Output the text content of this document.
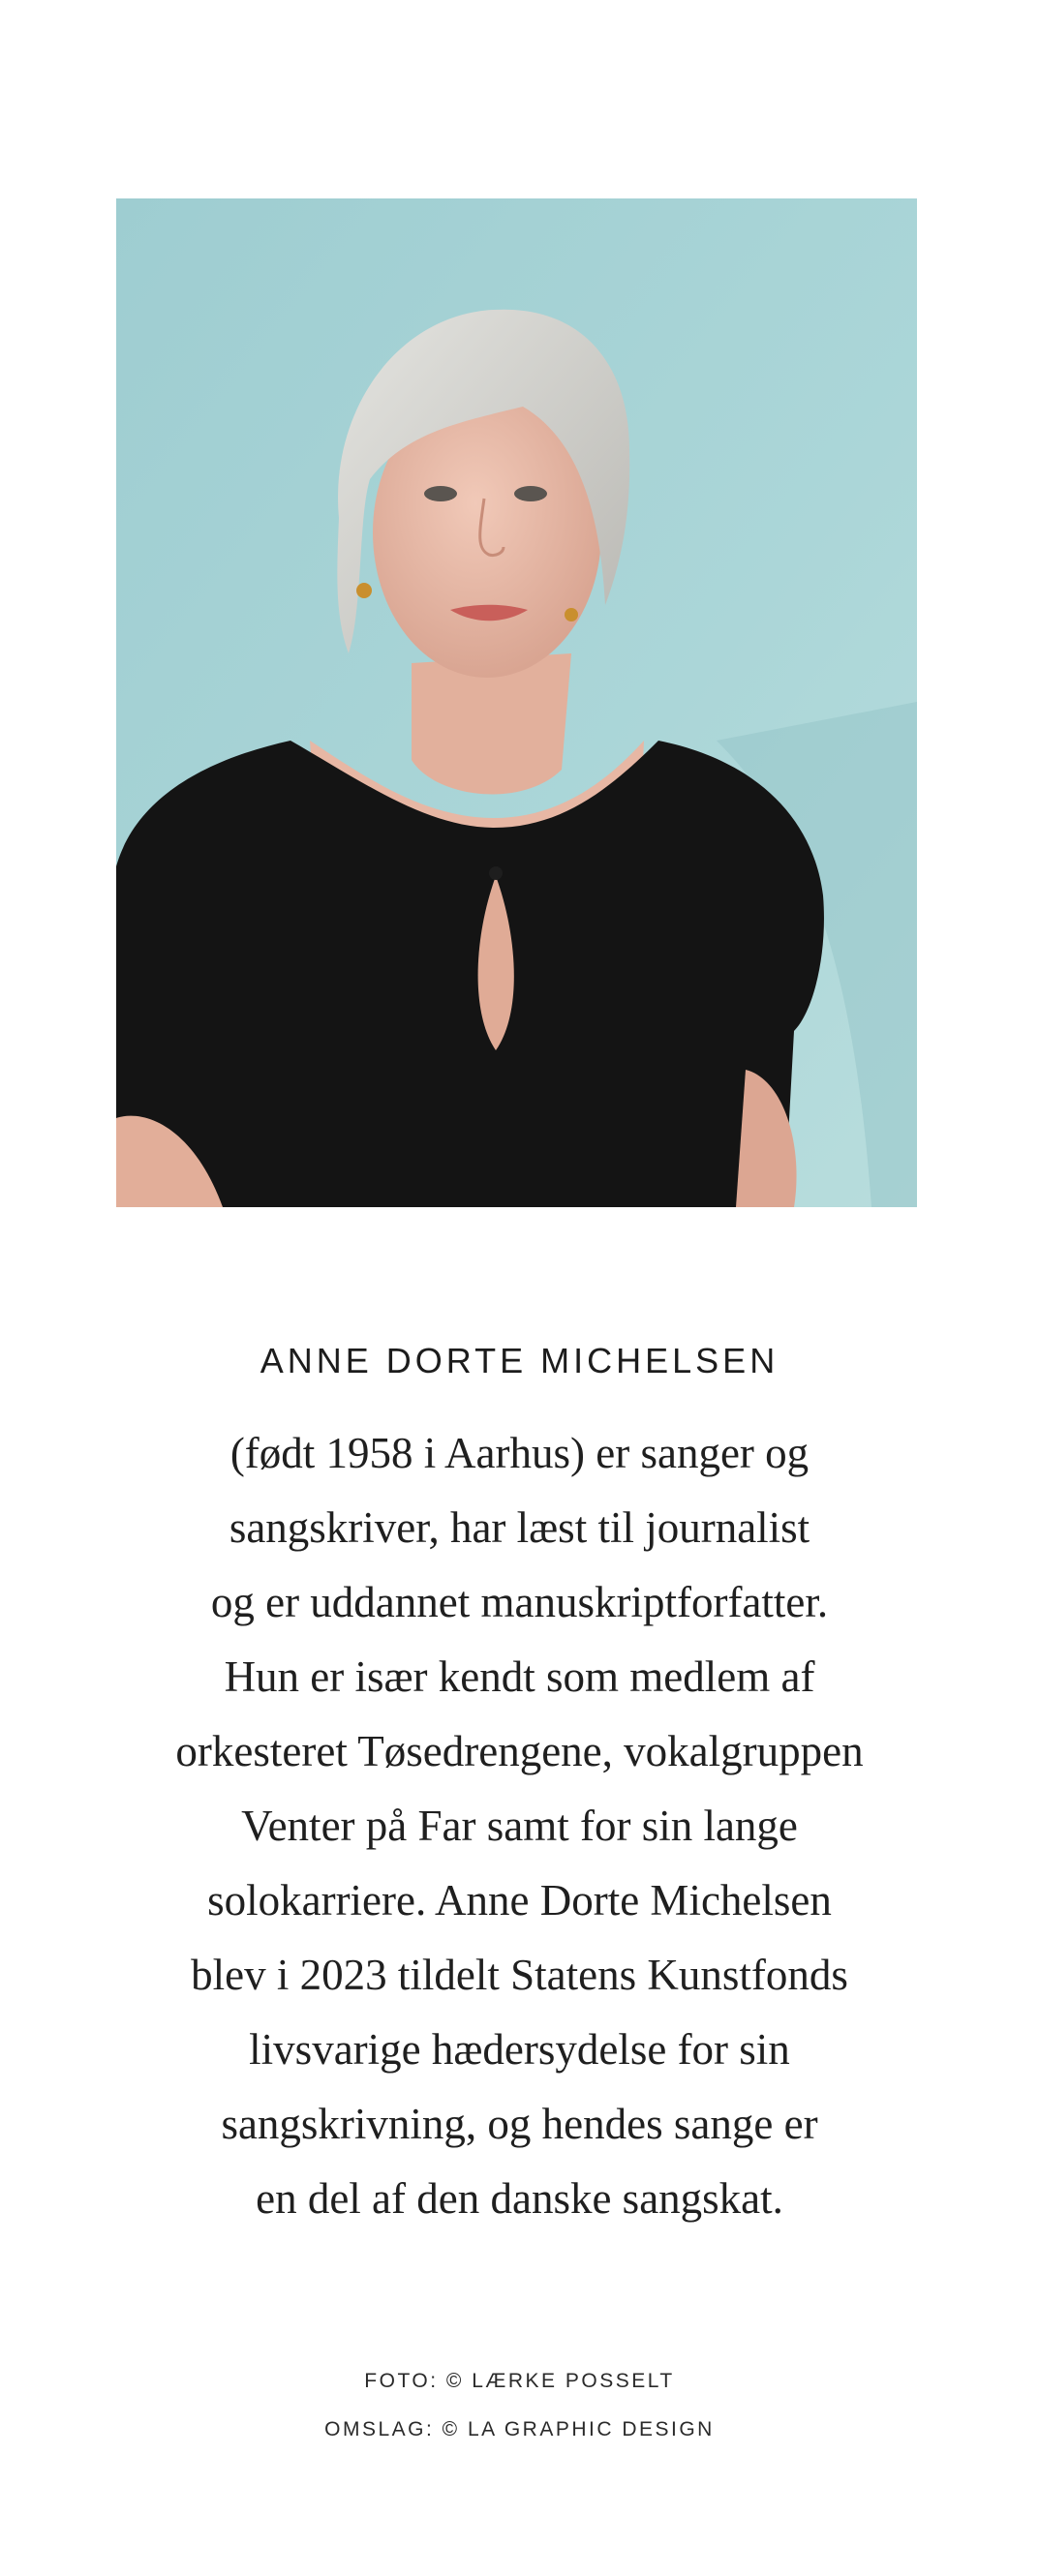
ANNE DORTE MICHELSEN

(født 1958 i Aarhus) er sanger og
sangskriver, har læst til journalist
og er uddannet manuskriptforfatter.
Hun er især kendt som medlem af
orkesteret Tøsedrengene, vokalgruppen
Venter på Far samt for sin lange
solokarriere. Anne Dorte Michelsen
blev i 2023 tildelt Statens Kunstfonds
livsvarige hædersydelse for sin
sangskrivning, og hendes sange er
en del af den danske sangskat.

FOTO: © LÆRKE POSSELT
OMSLAG: © LA GRAPHIC DESIGN
